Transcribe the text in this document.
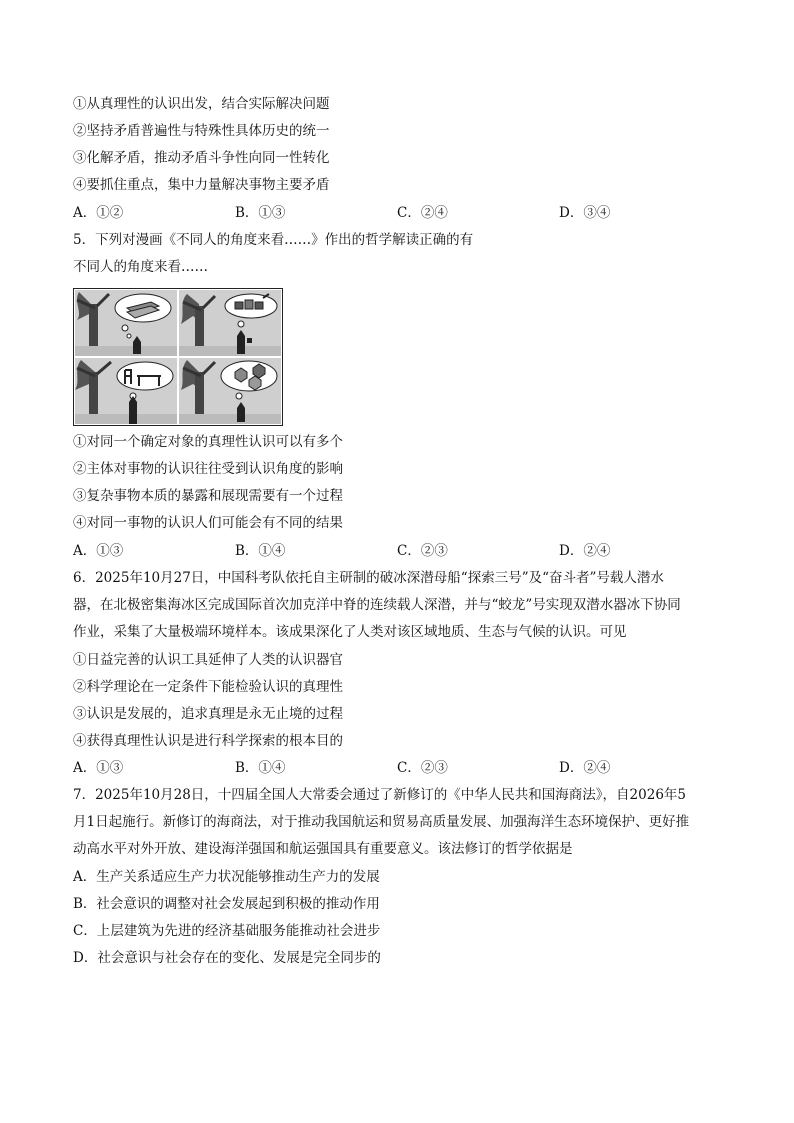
①从真理性的认识出发，结合实际解决问题
②坚持矛盾普遍性与特殊性具体历史的统一
③化解矛盾，推动矛盾斗争性向同一性转化
④要抓住重点，集中力量解决事物主要矛盾
A．①②	B．①③	C．②④	D．③④
5．下列对漫画《不同人的角度来看……》作出的哲学解读正确的有
不同人的角度来看……
①对同一个确定对象的真理性认识可以有多个
②主体对事物的认识往往受到认识角度的影响
③复杂事物本质的暴露和展现需要有一个过程
④对同一事物的认识人们可能会有不同的结果
A．①③	B．①④	C．②③	D．②④
6．2025年10月27日，中国科考队依托自主研制的破冰深潜母船“探索三号”及“奋斗者”号载人潜水
器，在北极密集海冰区完成国际首次加克洋中脊的连续载人深潜，并与“蛟龙”号实现双潜水器冰下协同
作业，采集了大量极端环境样本。该成果深化了人类对该区域地质、生态与气候的认识。可见
①日益完善的认识工具延伸了人类的认识器官
②科学理论在一定条件下能检验认识的真理性
③认识是发展的，追求真理是永无止境的过程
④获得真理性认识是进行科学探索的根本目的
A．①③	B．①④	C．②③	D．②④
7．2025年10月28日，十四届全国人大常委会通过了新修订的《中华人民共和国海商法》，自2026年5
月1日起施行。新修订的海商法，对于推动我国航运和贸易高质量发展、加强海洋生态环境保护、更好推
动高水平对外开放、建设海洋强国和航运强国具有重要意义。该法修订的哲学依据是
A．生产关系适应生产力状况能够推动生产力的发展
B．社会意识的调整对社会发展起到积极的推动作用
C．上层建筑为先进的经济基础服务能推动社会进步
D．社会意识与社会存在的变化、发展是完全同步的
